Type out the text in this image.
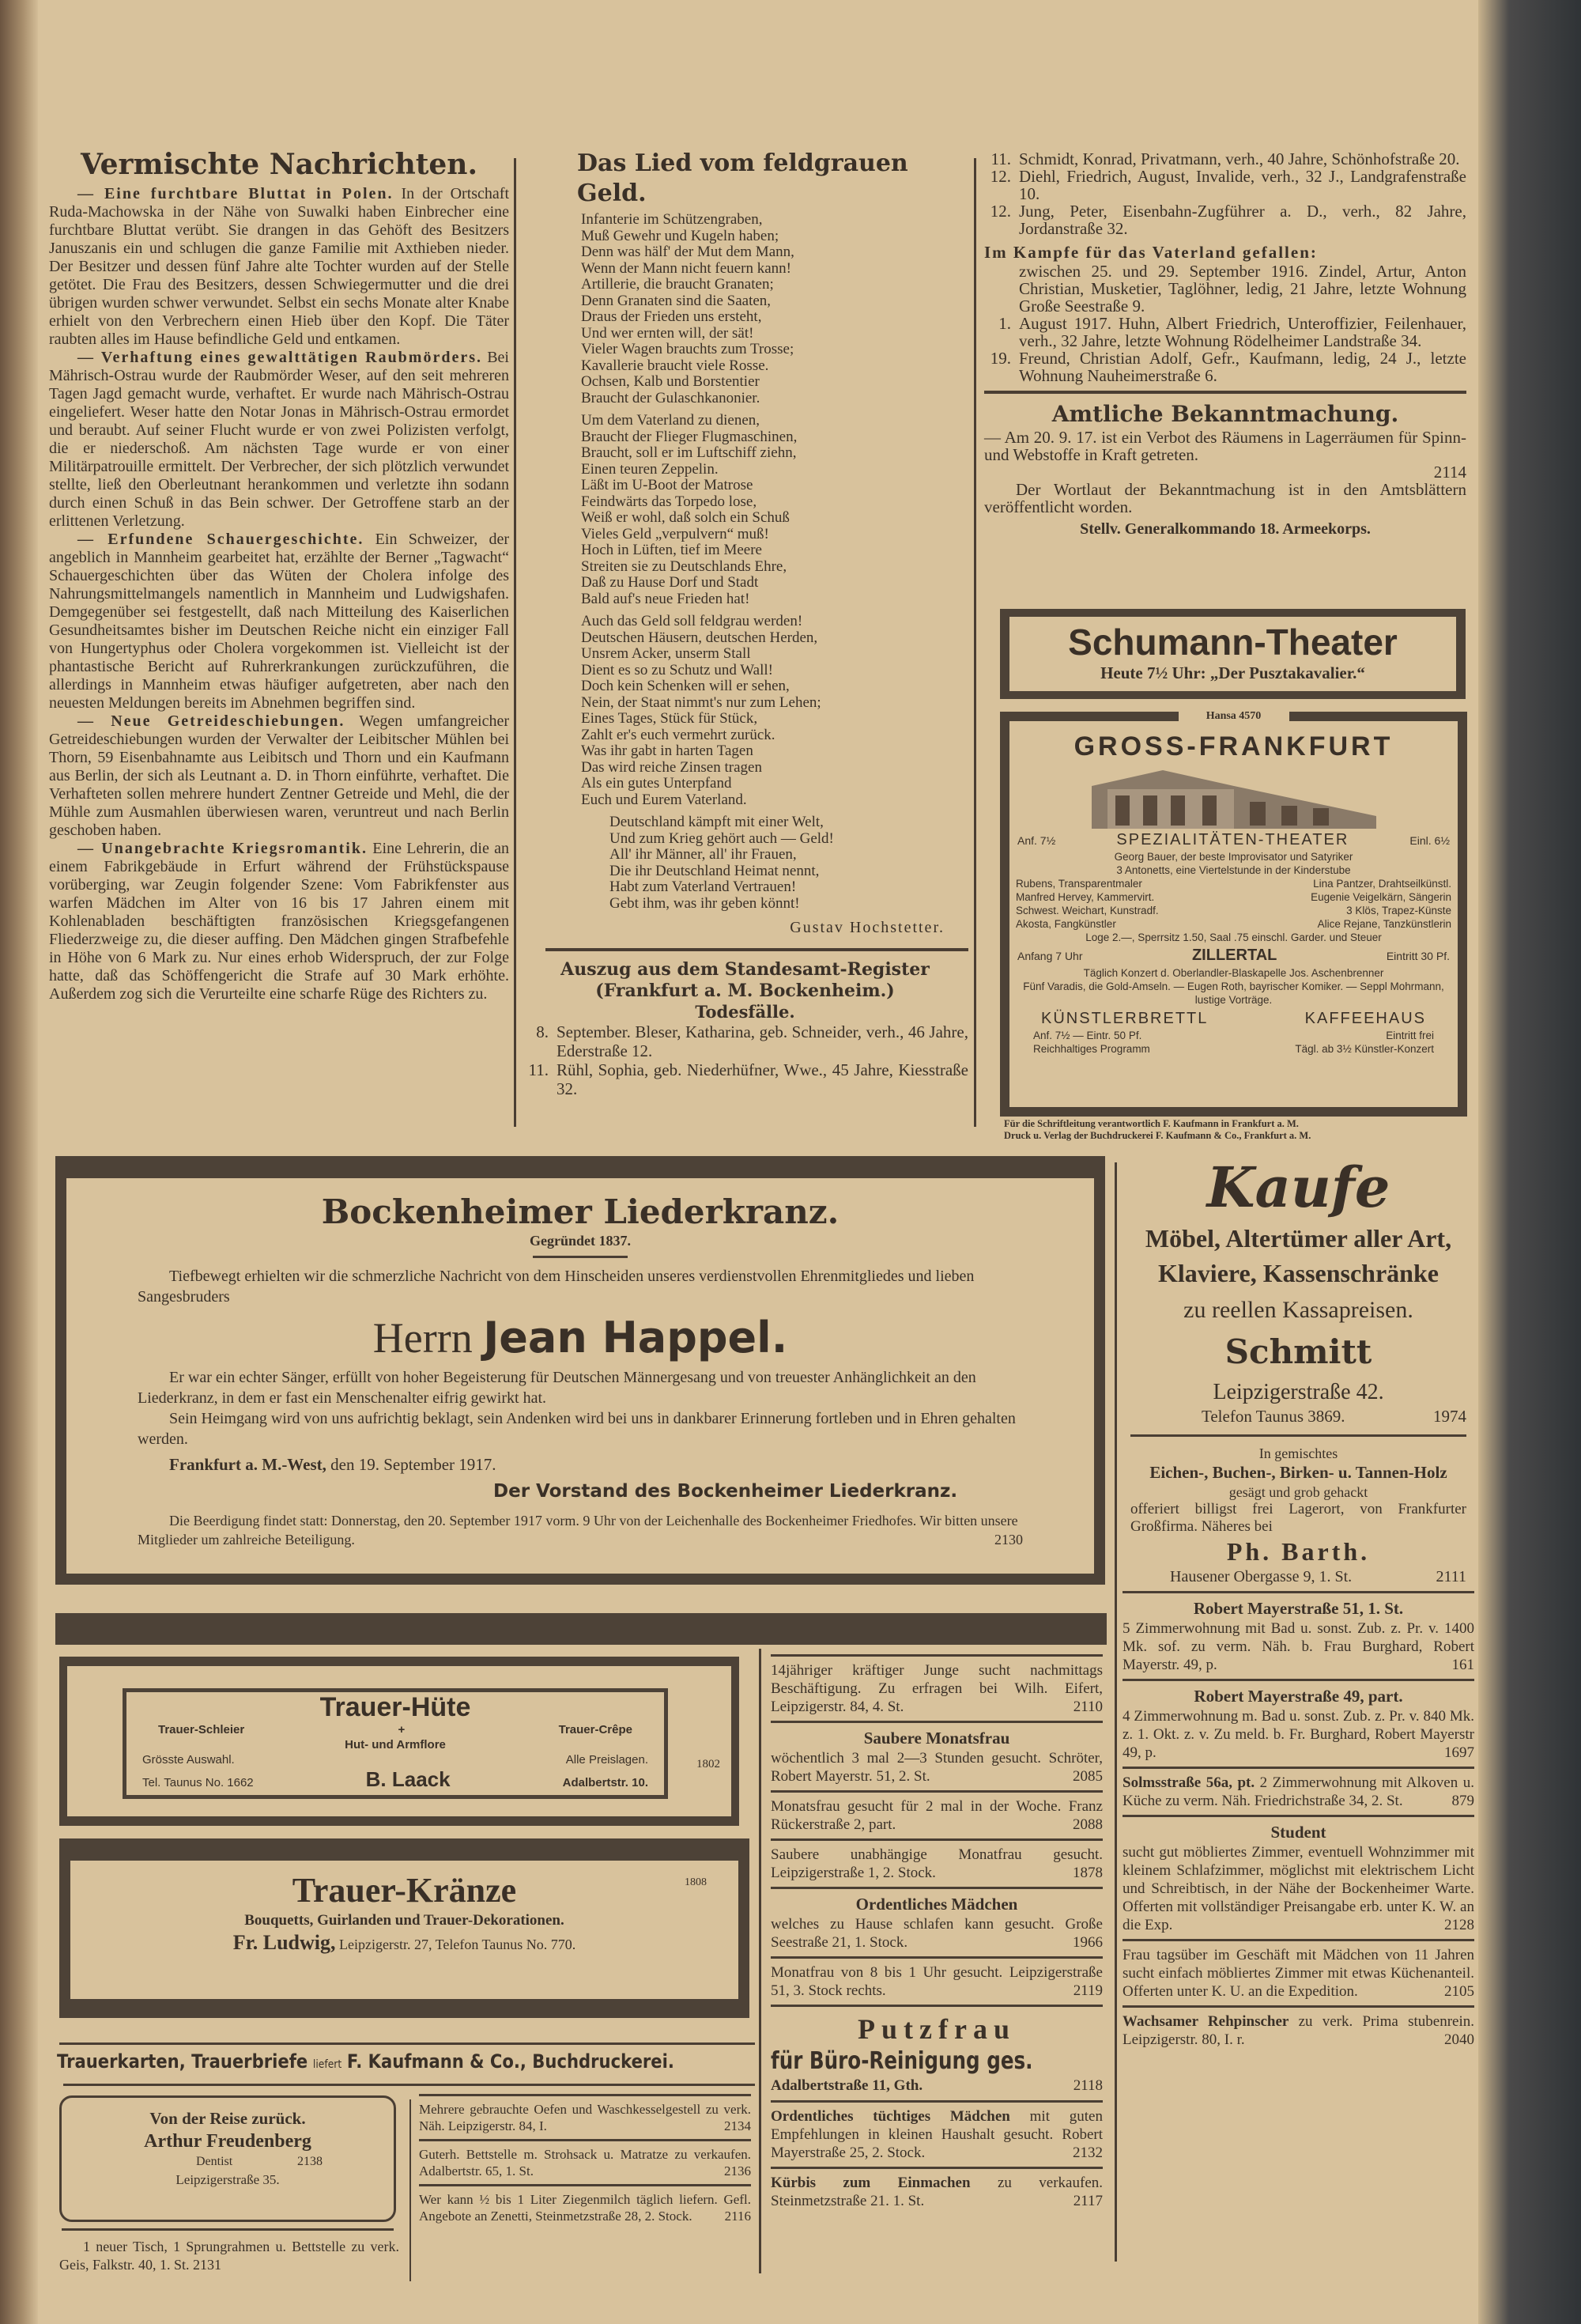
Vermischte Nachrichten.

— Eine furchtbare Bluttat in Polen. In der Ortschaft Ruda-Machowska in der Nähe von Suwalki haben Einbrecher eine furchtbare Bluttat verübt. Sie drangen in das Gehöft des Besitzers Januszanis ein und schlugen die ganze Familie mit Axthieben nieder. Der Besitzer und dessen fünf Jahre alte Tochter wurden auf der Stelle getötet. Die Frau des Besitzers, dessen Schwiegermutter und die drei übrigen wurden schwer verwundet. Selbst ein sechs Monate alter Knabe erhielt von den Verbrechern einen Hieb über den Kopf. Die Täter raubten alles im Hause befindliche Geld und entkamen.

— Verhaftung eines gewalttätigen Raubmörders. Bei Mährisch-Ostrau wurde der Raubmörder Weser, auf den seit mehreren Tagen Jagd gemacht wurde, verhaftet. Er wurde nach Mährisch-Ostrau eingeliefert. Weser hatte den Notar Jonas in Mährisch-Ostrau ermordet und beraubt. Auf seiner Flucht wurde er von zwei Polizisten verfolgt, die er niederschoß. Am nächsten Tage wurde er von einer Militärpatrouille ermittelt. Der Verbrecher, der sich plötzlich verwundet stellte, ließ den Oberleutnant herankommen und verletzte ihn sodann durch einen Schuß in das Bein schwer. Der Getroffene starb an der erlittenen Verletzung.

— Erfundene Schauergeschichte. Ein Schweizer, der angeblich in Mannheim gearbeitet hat, erzählte der Berner „Tagwacht“ Schauergeschichten über das Wüten der Cholera infolge des Nahrungsmittelmangels namentlich in Mannheim und Ludwigshafen. Demgegenüber sei festgestellt, daß nach Mitteilung des Kaiserlichen Gesundheitsamtes bisher im Deutschen Reiche nicht ein einziger Fall von Hungertyphus oder Cholera vorgekommen ist. Vielleicht ist der phantastische Bericht auf Ruhrerkrankungen zurückzuführen, die allerdings in Mannheim etwas häufiger aufgetreten, aber nach den neuesten Meldungen bereits im Abnehmen begriffen sind.

— Neue Getreideschiebungen. Wegen umfangreicher Getreideschiebungen wurden der Verwalter der Leibitscher Mühlen bei Thorn, 59 Eisenbahnamte aus Leibitsch und Thorn und ein Kaufmann aus Berlin, der sich als Leutnant a. D. in Thorn einführte, verhaftet. Die Verhafteten sollen mehrere hundert Zentner Getreide und Mehl, die der Mühle zum Ausmahlen überwiesen waren, veruntreut und nach Berlin geschoben haben.

— Unangebrachte Kriegsromantik. Eine Lehrerin, die an einem Fabrikgebäude in Erfurt während der Frühstückspause vorüberging, war Zeugin folgender Szene: Vom Fabrikfenster aus warfen Mädchen im Alter von 16 bis 17 Jahren einem mit Kohlenabladen beschäftigten französischen Kriegsgefangenen Fliederzweige zu, die dieser auffing. Den Mädchen gingen Strafbefehle in Höhe von 6 Mark zu. Nur eines erhob Widerspruch, der zur Folge hatte, daß das Schöffengericht die Strafe auf 30 Mark erhöhte. Außerdem zog sich die Verurteilte eine scharfe Rüge des Richters zu.

Das Lied vom feldgrauen Geld.
Infanterie im Schützengraben,
Muß Gewehr und Kugeln haben;
Denn was hälf' der Mut dem Mann,
Wenn der Mann nicht feuern kann!
Artillerie, die braucht Granaten;
Denn Granaten sind die Saaten,
Draus der Frieden uns ersteht,
Und wer ernten will, der sät!
Vieler Wagen brauchts zum Trosse;
Kavallerie braucht viele Rosse.
Ochsen, Kalb und Borstentier
Braucht der Gulaschkanonier.
Um dem Vaterland zu dienen,
Braucht der Flieger Flugmaschinen,
Braucht, soll er im Luftschiff ziehn,
Einen teuren Zeppelin.
Läßt im U-Boot der Matrose
Feindwärts das Torpedo lose,
Weiß er wohl, daß solch ein Schuß
Vieles Geld „verpulvern“ muß!
Hoch in Lüften, tief im Meere
Streiten sie zu Deutschlands Ehre,
Daß zu Hause Dorf und Stadt
Bald auf's neue Frieden hat!
Auch das Geld soll feldgrau werden!
Deutschen Häusern, deutschen Herden,
Unsrem Acker, unserm Stall
Dient es so zu Schutz und Wall!
Doch kein Schenken will er sehen,
Nein, der Staat nimmt's nur zum Lehen;
Eines Tages, Stück für Stück,
Zahlt er's euch vermehrt zurück.
Was ihr gabt in harten Tagen
Das wird reiche Zinsen tragen
Als ein gutes Unterpfand
Euch und Eurem Vaterland.
Deutschland kämpft mit einer Welt,
Und zum Krieg gehört auch — Geld!
All' ihr Männer, all' ihr Frauen,
Die ihr Deutschland Heimat nennt,
Habt zum Vaterland Vertrauen!
Gebt ihm, was ihr geben könnt!
Gustav Hochstetter.
Auszug aus dem Standesamt-Register
(Frankfurt a. M. Bockenheim.)
Todesfälle.
8. September. Bleser, Katharina, geb. Schneider, verh., 46 Jahre, Ederstraße 12.
11. Rühl, Sophia, geb. Niederhüfner, Wwe., 45 Jahre, Kiesstraße 32.
11. Schmidt, Konrad, Privatmann, verh., 40 Jahre, Schönhofstraße 20.
12. Diehl, Friedrich, August, Invalide, verh., 32 J., Landgrafenstraße 10.
12. Jung, Peter, Eisenbahn-Zugführer a. D., verh., 82 Jahre, Jordanstraße 32.
Im Kampfe für das Vaterland gefallen:
zwischen 25. und 29. September 1916. Zindel, Artur, Anton Christian, Musketier, Taglöhner, ledig, 21 Jahre, letzte Wohnung Große Seestraße 9.
1. August 1917. Huhn, Albert Friedrich, Unteroffizier, Feilenhauer, verh., 32 Jahre, letzte Wohnung Rödelheimer Landstraße 34.
19. Freund, Christian Adolf, Gefr., Kaufmann, ledig, 24 J., letzte Wohnung Nauheimerstraße 6.
Amtliche Bekanntmachung.
— Am 20. 9. 17. ist ein Verbot des Räumens in Lagerräumen für Spinn- und Webstoffe in Kraft getreten.
2114
Der Wortlaut der Bekanntmachung ist in den Amtsblättern veröffentlicht worden.
Stellv. Generalkommando 18. Armeekorps.
Schumann-Theater
Heute 7½ Uhr: „Der Pusztakavalier.“
Hansa 4570
GROSS-FRANKFURT
Anf. 7½	SPEZIALITÄTEN-THEATER	Einl. 6½
Georg Bauer, der beste Improvisator und Satyriker
3 Antonetts, eine Viertelstunde in der Kinderstube
Rubens, Transparentmaler	Lina Pantzer, Drahtseilkünstl.
Manfred Hervey, Kammervirt.	Eugenie Veigelkärn, Sängerin
Schwest. Weichart, Kunstradf.	3 Klös, Trapez-Künste
Akosta, Fangkünstler	Alice Rejane, Tanzkünstlerin
Loge 2.—, Sperrsitz 1.50, Saal .75 einschl. Garder. und Steuer
Anfang 7 Uhr	ZILLERTAL	Eintritt 30 Pf.
Täglich Konzert d. Oberlandler-Blaskapelle Jos. Aschenbrenner
Fünf Varadis, die Gold-Amseln. — Eugen Roth, bayrischer Komiker. — Seppl Mohrmann, lustige Vorträge.
KÜNSTLERBRETTL	KAFFEEHAUS
Anf. 7½ — Eintr. 50 Pf.	Eintritt frei
Reichhaltiges Programm	Tägl. ab 3½ Künstler-Konzert
Für die Schriftleitung verantwortlich F. Kaufmann in Frankfurt a. M.
Druck u. Verlag der Buchdruckerei F. Kaufmann & Co., Frankfurt a. M.
Bockenheimer Liederkranz.
Gegründet 1837.
Tiefbewegt erhielten wir die schmerzliche Nachricht von dem Hinscheiden unseres verdienstvollen Ehrenmitgliedes und lieben Sangesbruders
Herrn Jean Happel.
Er war ein echter Sänger, erfüllt von hoher Begeisterung für Deutschen Männergesang und von treuester Anhänglichkeit an den Liederkranz, in dem er fast ein Menschenalter eifrig gewirkt hat.
Sein Heimgang wird von uns aufrichtig beklagt, sein Andenken wird bei uns in dankbarer Erinnerung fortleben und in Ehren gehalten werden.
Frankfurt a. M.-West, den 19. September 1917.
Der Vorstand des Bockenheimer Liederkranz.
Die Beerdigung findet statt: Donnerstag, den 20. September 1917 vorm. 9 Uhr von der Leichenhalle des Bockenheimer Friedhofes. Wir bitten unsere Mitglieder um zahlreiche Beteiligung.	2130
Kaufe
Möbel, Altertümer aller Art, Klaviere, Kassenschränke
zu reellen Kassapreisen.
Schmitt
Leipzigerstraße 42.
Telefon Taunus 3869.	1974
In gemischtes
Eichen-, Buchen-, Birken- u. Tannen-Holz
gesägt und grob gehackt
offeriert billigst frei Lagerort, von Frankfurter Großfirma. Näheres bei
Ph. Barth.
Hausener Obergasse 9, 1. St.	2111
Robert Mayerstraße 51, 1. St.
5 Zimmerwohnung mit Bad u. sonst. Zub. z. Pr. v. 1400 Mk. sof. zu verm. Näh. b. Frau Burghard, Robert Mayerstr. 49, p.	161
Robert Mayerstraße 49, part.
4 Zimmerwohnung m. Bad u. sonst. Zub. z. Pr. v. 840 Mk. z. 1. Okt. z. v. Zu meld. b. Fr. Burghard, Robert Mayerstr 49, p.	1697
Solmsstraße 56a, pt. 2 Zimmerwohnung mit Alkoven u. Küche zu verm. Näh. Friedrichstraße 34, 2. St.	879
Student
sucht gut möbliertes Zimmer, eventuell Wohnzimmer mit kleinem Schlafzimmer, möglichst mit elektrischem Licht und Schreibtisch, in der Nähe der Bockenheimer Warte. Offerten mit vollständiger Preisangabe erb. unter K. W. an die Exp.	2128
Frau tagsüber im Geschäft mit Mädchen von 11 Jahren sucht einfach möbliertes Zimmer mit etwas Küchenanteil. Offerten unter K. U. an die Expedition.	2105
Wachsamer Rehpinscher zu verk. Prima stubenrein. Leipzigerstr. 80, I. r.	2040
Trauer-Hüte
Trauer-Schleier	+	Trauer-Crêpe
Hut- und Armflore
Grösste Auswahl.	Alle Preislagen.
Tel. Taunus No. 1662	B. Laack	Adalbertstr. 10.
1802
Trauer-Kränze	1808
Bouquetts, Guirlanden und Trauer-Dekorationen.
Fr. Ludwig, Leipzigerstr. 27, Telefon Taunus No. 770.
Trauerkarten, Trauerbriefe liefert F. Kaufmann & Co., Buchdruckerei.
Von der Reise zurück.
Arthur Freudenberg
Dentist	2138
Leipzigerstraße 35.
1 neuer Tisch, 1 Sprungrahmen u. Bettstelle zu verk. Geis, Falkstr. 40, 1. St. 2131
Mehrere gebrauchte Oefen und Waschkesselgestell zu verk. Näh. Leipzigerstr. 84, I.	2134
Guterh. Bettstelle m. Strohsack u. Matratze zu verkaufen. Adalbertstr. 65, 1. St.	2136
Wer kann ½ bis 1 Liter Ziegenmilch täglich liefern. Gefl. Angebote an Zenetti, Steinmetzstraße 28, 2. Stock. 2116
14jähriger kräftiger Junge sucht nachmittags Beschäftigung. Zu erfragen bei Wilh. Eifert, Leipzigerstr. 84, 4. St.	2110
Saubere Monatsfrau
wöchentlich 3 mal 2—3 Stunden gesucht. Schröter, Robert Mayerstr. 51, 2. St.	2085
Monatsfrau gesucht für 2 mal in der Woche. Franz Rückerstraße 2, part.	2088
Saubere unabhängige Monatfrau gesucht. Leipzigerstraße 1, 2. Stock.	1878
Ordentliches Mädchen
welches zu Hause schlafen kann gesucht. Große Seestraße 21, 1. Stock.	1966
Monatfrau von 8 bis 1 Uhr gesucht. Leipzigerstraße 51, 3. Stock rechts.	2119
Putzfrau
für Büro-Reinigung ges.
Adalbertstraße 11, Gth.	2118
Ordentliches tüchtiges Mädchen mit guten Empfehlungen in kleinen Haushalt gesucht. Robert Mayerstraße 25, 2. Stock.	2132
Kürbis zum Einmachen zu verkaufen. Steinmetzstraße 21. 1. St.	2117
